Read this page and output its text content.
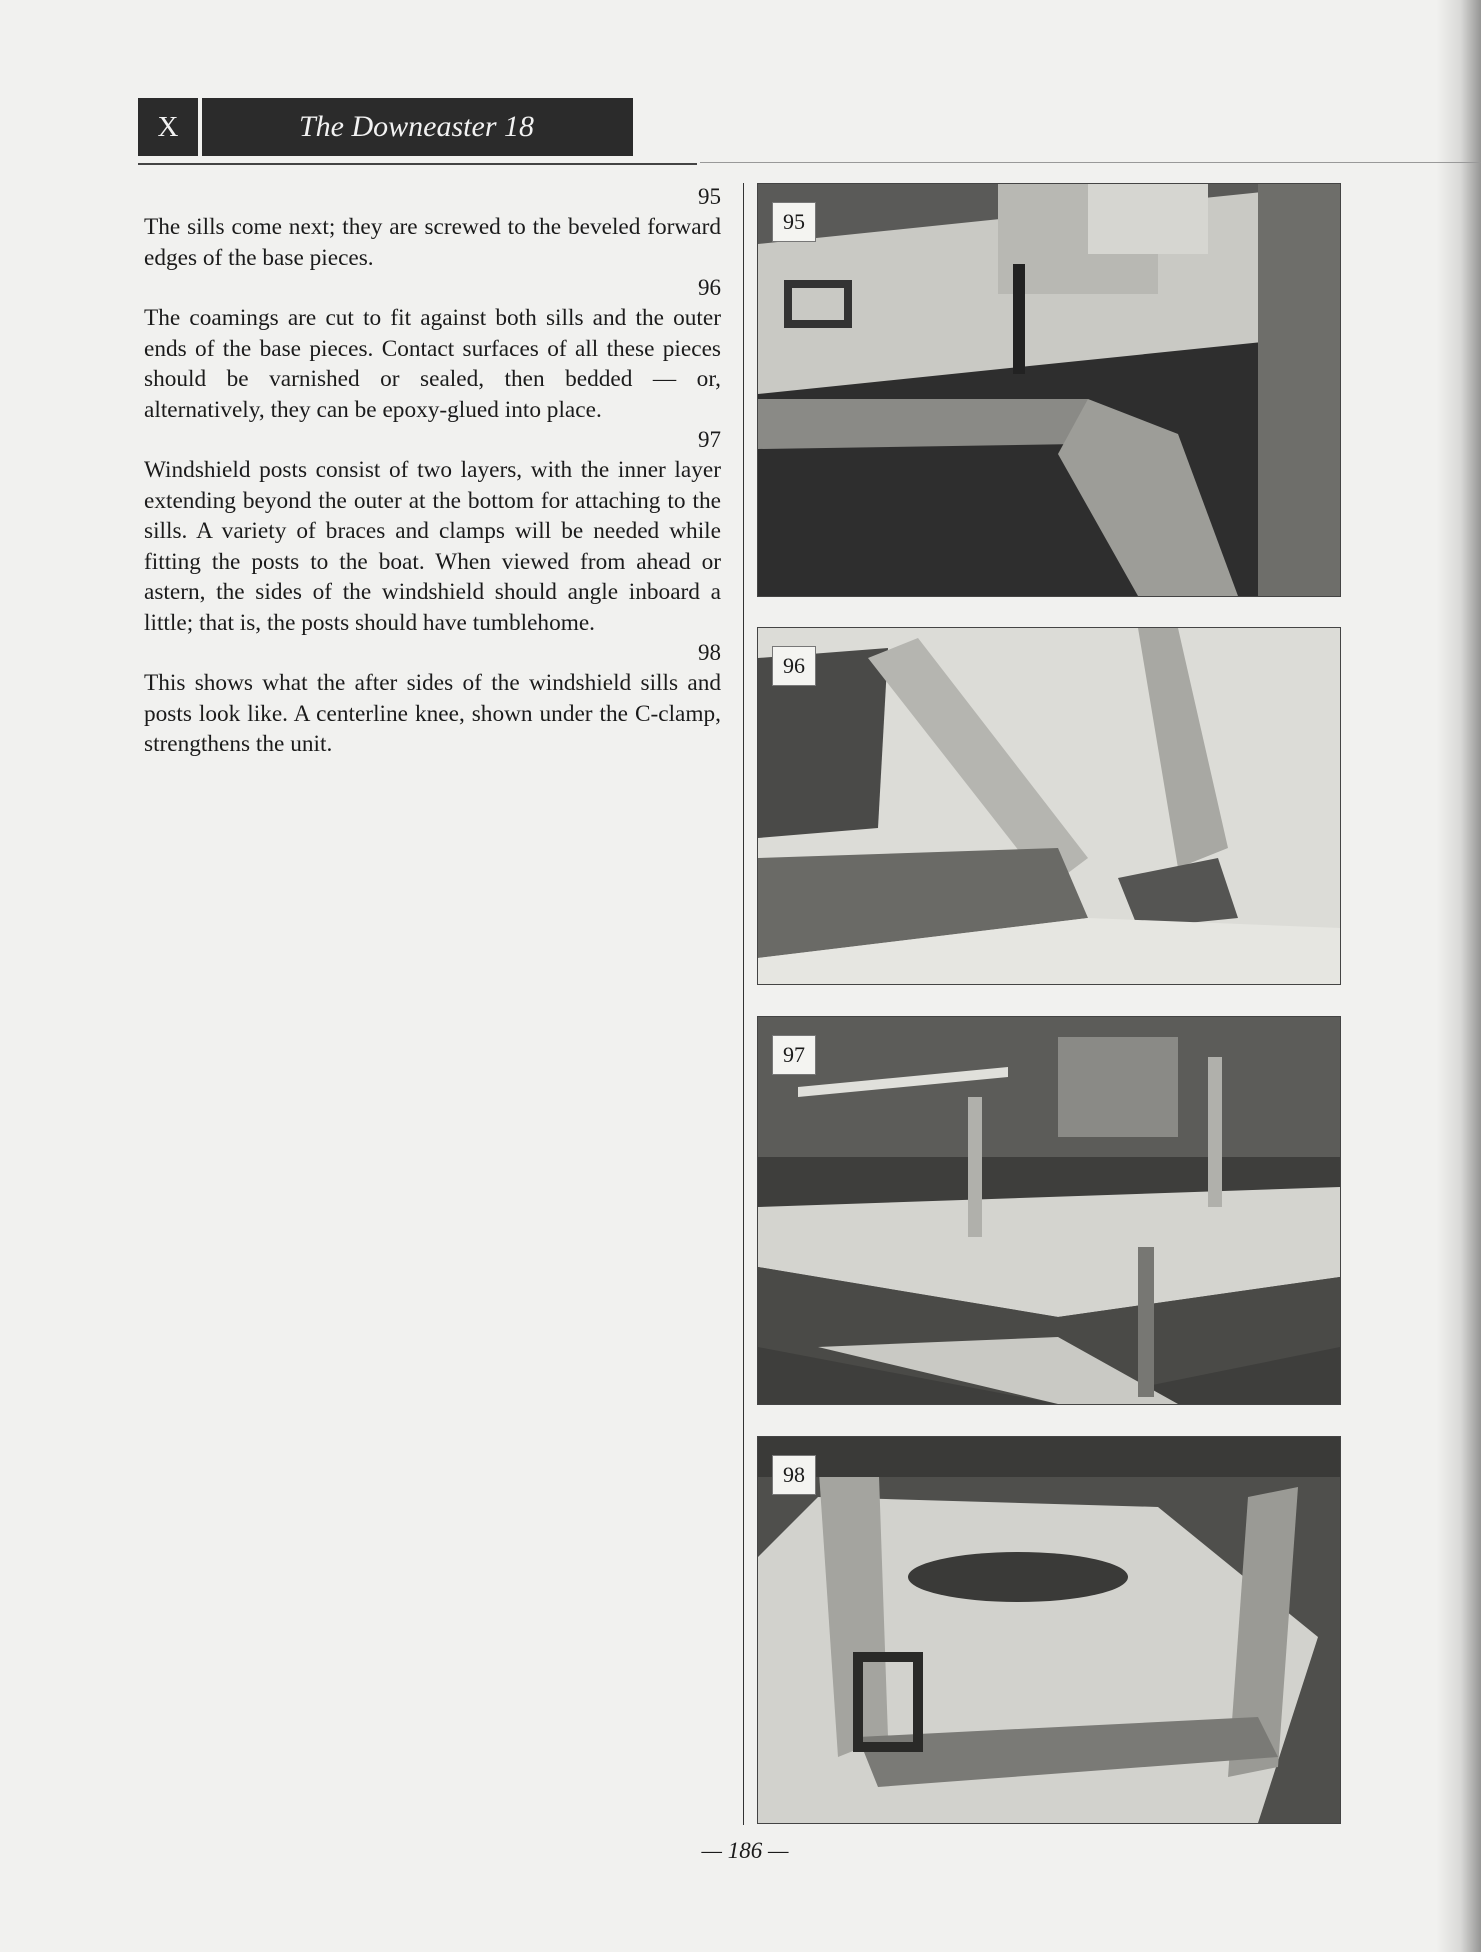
X	The Downeaster 18
95
The sills come next; they are screwed to the beveled forward edges of the base pieces.
96
The coamings are cut to fit against both sills and the outer ends of the base pieces. Contact surfaces of all these pieces should be varnished or sealed, then bedded — or, alternatively, they can be epoxy-glued into place.
97
Windshield posts consist of two layers, with the inner layer extending beyond the outer at the bottom for attaching to the sills. A variety of braces and clamps will be needed while fitting the posts to the boat. When viewed from ahead or astern, the sides of the windshield should angle inboard a little; that is, the posts should have tumblehome.
98
This shows what the after sides of the windshield sills and posts look like. A centerline knee, shown under the C-clamp, strengthens the unit.
95
96
97
98
— 186 —
